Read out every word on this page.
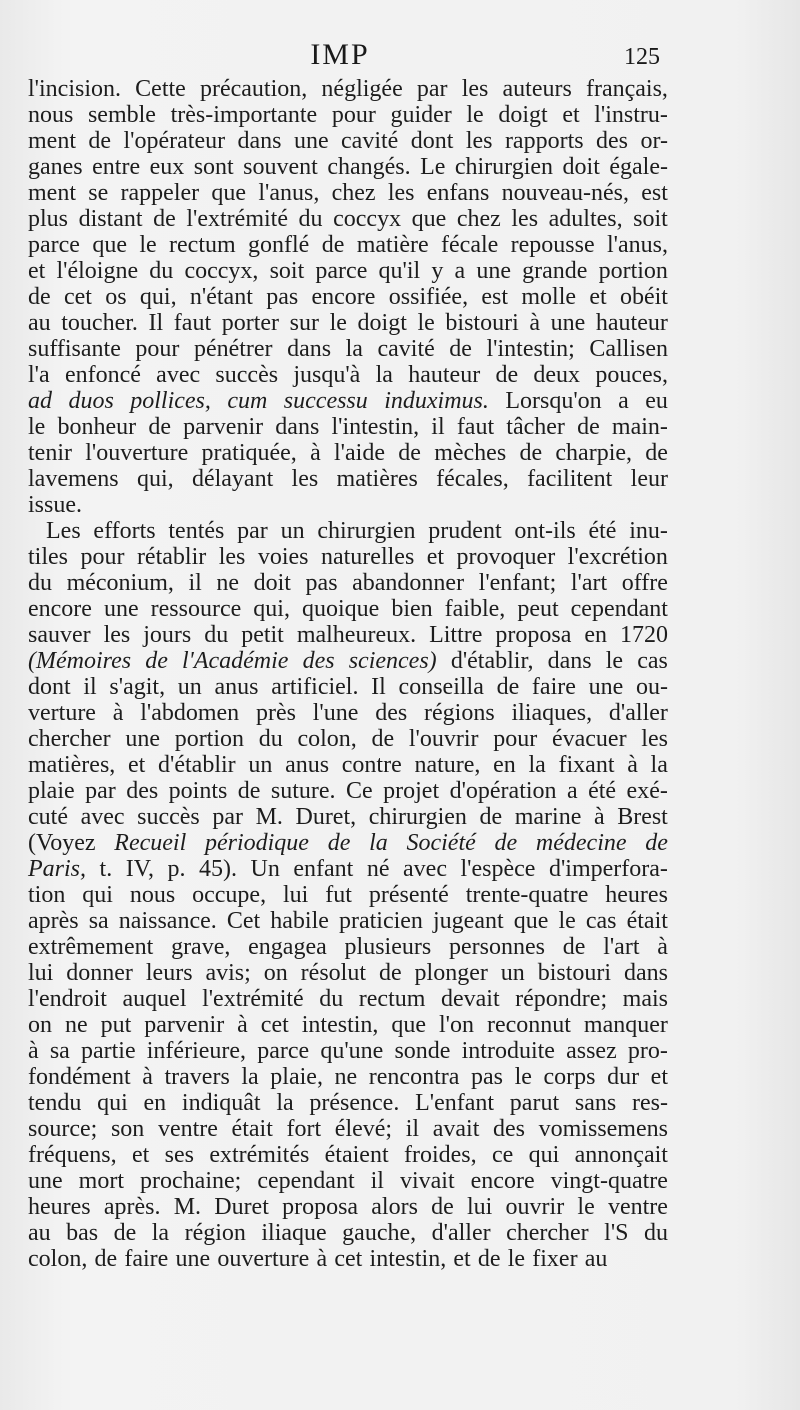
IMP	125
l'incision. Cette précaution, négligée par les auteurs français,
nous semble très-importante pour guider le doigt et l'instru-
ment de l'opérateur dans une cavité dont les rapports des or-
ganes entre eux sont souvent changés. Le chirurgien doit égale-
ment se rappeler que l'anus, chez les enfans nouveau-nés, est
plus distant de l'extrémité du coccyx que chez les adultes, soit
parce que le rectum gonflé de matière fécale repousse l'anus,
et l'éloigne du coccyx, soit parce qu'il y a une grande portion
de cet os qui, n'étant pas encore ossifiée, est molle et obéit
au toucher. Il faut porter sur le doigt le bistouri à une hauteur
suffisante pour pénétrer dans la cavité de l'intestin; Callisen
l'a enfoncé avec succès jusqu'à la hauteur de deux pouces,
ad duos pollices, cum successu induximus. Lorsqu'on a eu
le bonheur de parvenir dans l'intestin, il faut tâcher de main-
tenir l'ouverture pratiquée, à l'aide de mèches de charpie, de
lavemens qui, délayant les matières fécales, facilitent leur
issue.
Les efforts tentés par un chirurgien prudent ont-ils été inu-
tiles pour rétablir les voies naturelles et provoquer l'excrétion
du méconium, il ne doit pas abandonner l'enfant; l'art offre
encore une ressource qui, quoique bien faible, peut cependant
sauver les jours du petit malheureux. Littre proposa en 1720
(Mémoires de l'Académie des sciences) d'établir, dans le cas
dont il s'agit, un anus artificiel. Il conseilla de faire une ou-
verture à l'abdomen près l'une des régions iliaques, d'aller
chercher une portion du colon, de l'ouvrir pour évacuer les
matières, et d'établir un anus contre nature, en la fixant à la
plaie par des points de suture. Ce projet d'opération a été exé-
cuté avec succès par M. Duret, chirurgien de marine à Brest
(Voyez Recueil périodique de la Société de médecine de
Paris, t. IV, p. 45). Un enfant né avec l'espèce d'imperfora-
tion qui nous occupe, lui fut présenté trente-quatre heures
après sa naissance. Cet habile praticien jugeant que le cas était
extrêmement grave, engagea plusieurs personnes de l'art à
lui donner leurs avis; on résolut de plonger un bistouri dans
l'endroit auquel l'extrémité du rectum devait répondre; mais
on ne put parvenir à cet intestin, que l'on reconnut manquer
à sa partie inférieure, parce qu'une sonde introduite assez pro-
fondément à travers la plaie, ne rencontra pas le corps dur et
tendu qui en indiquât la présence. L'enfant parut sans res-
source; son ventre était fort élevé; il avait des vomissemens
fréquens, et ses extrémités étaient froides, ce qui annonçait
une mort prochaine; cependant il vivait encore vingt-quatre
heures après. M. Duret proposa alors de lui ouvrir le ventre
au bas de la région iliaque gauche, d'aller chercher l'S du
colon, de faire une ouverture à cet intestin, et de le fixer au
